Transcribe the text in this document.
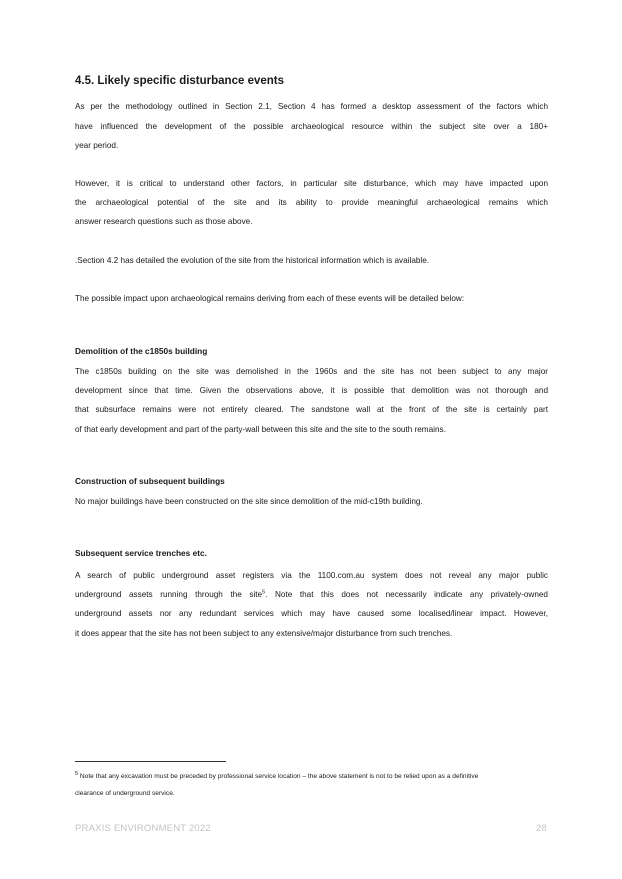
4.5. Likely specific disturbance events
As per the methodology outlined in Section 2.1, Section 4 has formed a desktop assessment of the factors which
have influenced the development of the possible archaeological resource within the subject site over a 180+
year period.
However, it is critical to understand other factors, in particular site disturbance, which may have impacted upon
the archaeological potential of the site and its ability to provide meaningful archaeological remains which
answer research questions such as those above.
.Section 4.2 has detailed the evolution of the site from the historical information which is available.
The possible impact upon archaeological remains deriving from each of these events will be detailed below:
Demolition of the c1850s building
The c1850s building on the site was demolished in the 1960s and the site has not been subject to any major
development since that time. Given the observations above, it is possible that demolition was not thorough and
that subsurface remains were not entirely cleared. The sandstone wall at the front of the site is certainly part
of that early development and part of the party-wall between this site and the site to the south remains.
Construction of subsequent buildings
No major buildings have been constructed on the site since demolition of the mid-c19th building.
Subsequent service trenches etc.
A search of public underground asset registers via the 1100.com.au system does not reveal any major public
underground assets running through the site$^5$. Note that this does not necessarily indicate any privately-owned
underground assets nor any redundant services which may have caused some localised/linear impact. However,
it does appear that the site has not been subject to any extensive/major disturbance from such trenches.
$^5$ Note that any excavation must be preceded by professional service location – the above statement is not to be relied upon as a definitive
clearance of underground service.
PRAXIS ENVIRONMENT 2022	28
